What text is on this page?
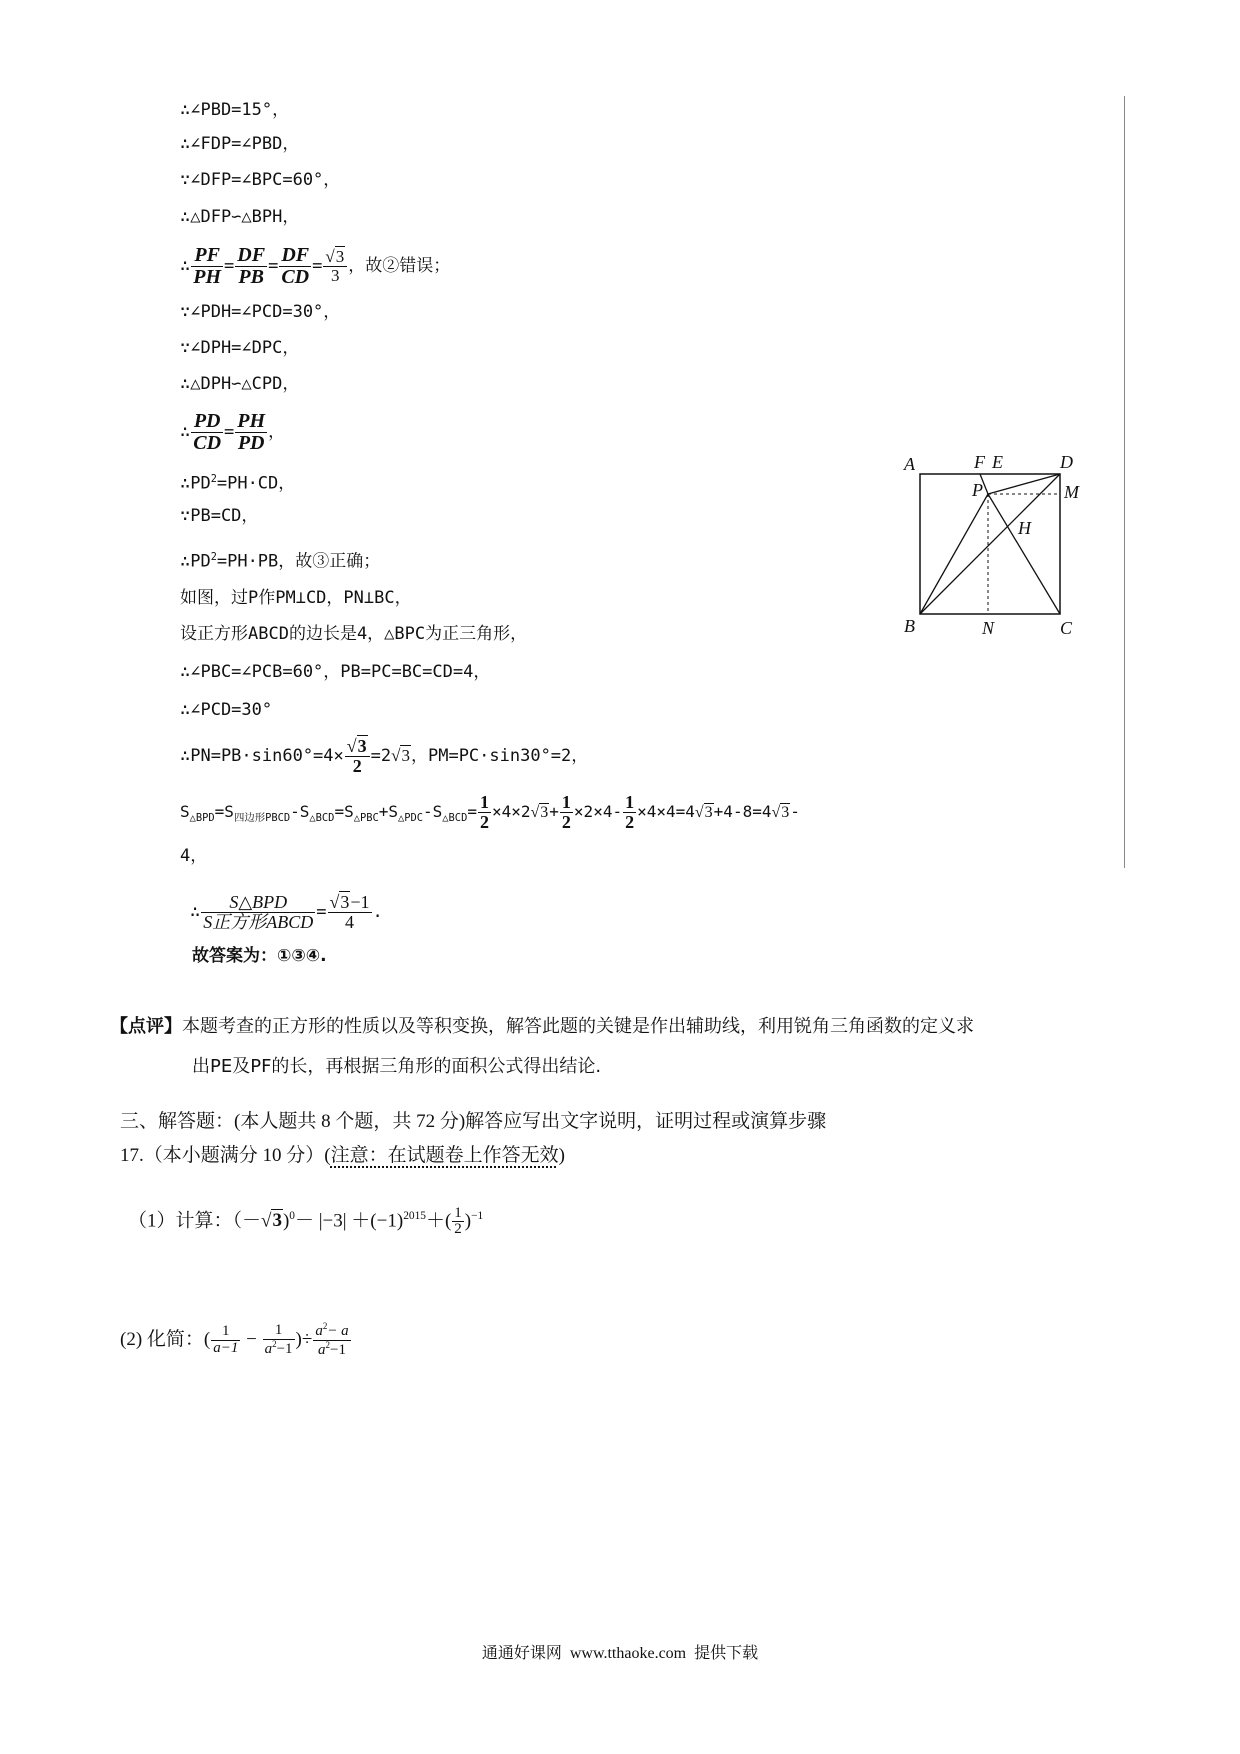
∴∠PBD=15°，
∴∠FDP=∠PBD，
∵∠DFP=∠BPC=60°，
∴△DFP∽△BPH，
∴ $\frac{PF}{PH} = \frac{DF}{PB} = \frac{DF}{CD} = \frac{√3}{3}$ ，故②错误；
∵∠PDH=∠PCD=30°，
∵∠DPH=∠DPC，
∴△DPH∽△CPD，
∴ $\frac{PD}{CD} = \frac{PH}{PD}$ ，
$\therefore PD^2=PH\cdot CD$，
∵PB=CD，
$\therefore PD^2=PH\cdot PB$，故③正确；
如图，过P作PM⊥CD，PN⊥BC，
设正方形ABCD的边长是4，△BPC为正三角形，
∴∠PBC=∠PCB=60°，PB=PC=BC=CD=4，
∴∠PCD=30°
∴PN=PB·sin60°=4× $\frac{√3}{2} =2√3$，PM=PC·sin30°=2，
$S_{\triangle BPD}=S_{四边形PBCD}-S_{\triangle BCD}=S_{\triangle PBC}+S_{\triangle PDC}-S_{\triangle BCD}= \frac{1}{2} \times 4\times 2√3+ \frac{1}{2} \times 2\times 4- \frac{1}{2} \times 4\times 4=4√3+4-8=4√3-$
4，
∴ $\frac{\text{S△BPD}}{\text{S正方形ABCD}} = \frac{√3-1}{4}$ .
故答案为：①③④.
A	F E	D
P	M
H
B	N	C
【点评】本题考查的正方形的性质以及等积变换，解答此题的关键是作出辅助线，利用锐角三角函数的定义求
出PE及PF的长，再根据三角形的面积公式得出结论.
三、解答题：(本人题共 8 个题，共 72 分)解答应写出文字说明，证明过程或演算步骤
17.（本小题满分 10 分）(注意：在试题卷上作答无效)
（1）计算：$(-√3)^0- |-3| +(-1)^{2015}+( \frac{1}{2} )^{-1}$
(2) 化简：( $\frac{1}{a-1} - \frac{1}{a^2-1}$ )÷ $\frac{a^2- a}{a^2-1}$
通通好课网  www.tthaoke.com  提供下载
